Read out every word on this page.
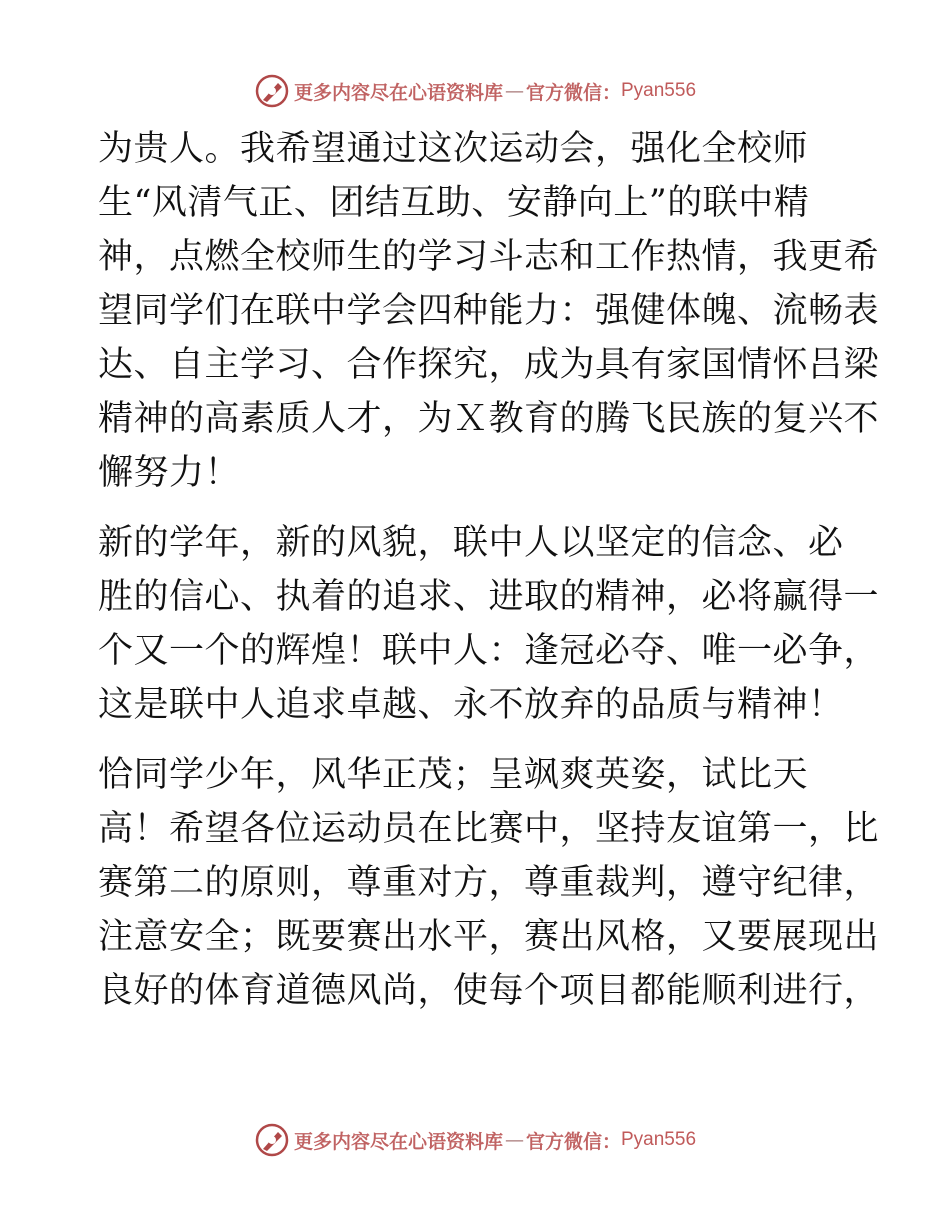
更多内容尽在心语资料库 — 官方微信： Pyan556
为贵人。我希望通过这次运动会，强化全校师
生“风清气正、团结互助、安静向上”的联中精
神，点燃全校师生的学习斗志和工作热情，我更希
望同学们在联中学会四种能力：强健体魄、流畅表
达、自主学习、合作探究，成为具有家国情怀吕梁
精神的高素质人才，为Ｘ教育的腾飞民族的复兴不
懈努力！
新的学年，新的风貌，联中人以坚定的信念、必
胜的信心、执着的追求、进取的精神，必将赢得一
个又一个的辉煌！联中人：逢冠必夺、唯一必争，
这是联中人追求卓越、永不放弃的品质与精神！
恰同学少年，风华正茂；呈飒爽英姿，试比天
高！希望各位运动员在比赛中，坚持友谊第一，比
赛第二的原则，尊重对方，尊重裁判，遵守纪律，
注意安全；既要赛出水平，赛出风格，又要展现出
良好的体育道德风尚，使每个项目都能顺利进行，
更多内容尽在心语资料库 — 官方微信： Pyan556
